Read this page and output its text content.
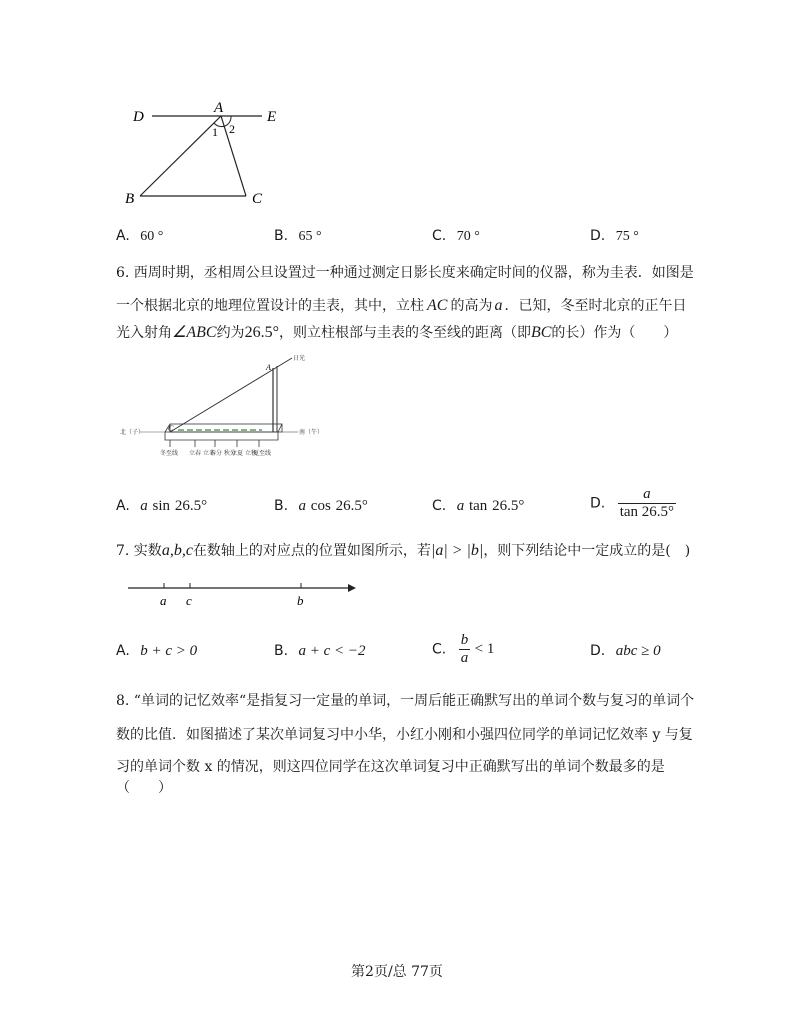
D
A
E
B	C
1 2
A. 60 °	B. 65 °	C. 70 °	D. 75 °
6. 西周时期，丞相周公旦设置过一种通过测定日影长度来确定时间的仪器，称为圭表．如图是
一个根据北京的地理位置设计的圭表，其中，立柱 AC 的高为 a ．已知，冬至时北京的正午日
光入射角∠ABC约为26.5°，则立柱根部与圭表的冬至线的距离（即BC的长）作为（　　）
日光
A
北（子）	南（午）
C
冬至线 立春 立冬
春分 秋分
立夏 立秋
夏至线
A. a sin 26.5°	B. a cos 26.5°	C. a tan 26.5°	D. $\frac{a}{\tan 26.5^\circ}$
7. 实数a,b,c在数轴上的对应点的位置如图所示，若|a| > |b|，则下列结论中一定成立的是(　)
a c	b
A. b + c > 0	B. a + c < −2	C. $\frac{b}{a} < 1$	D. abc ≥ 0
8. “单词的记忆效率“是指复习一定量的单词，一周后能正确默写出的单词个数与复习的单词个
数的比值．如图描述了某次单词复习中小华，小红小刚和小强四位同学的单词记忆效率 y 与复
习的单词个数 x 的情况，则这四位同学在这次单词复习中正确默写出的单词个数最多的是
（　　）
第2页/总 77页
